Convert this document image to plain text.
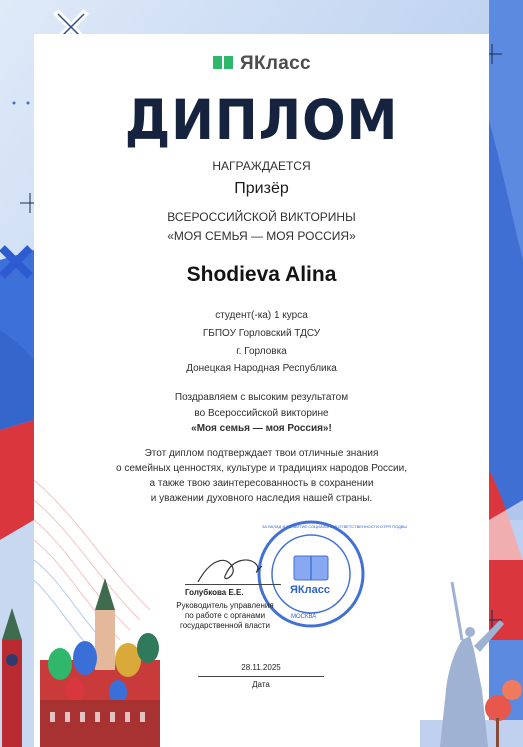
ЯКласс
ДИПЛОМ
НАГРАЖДАЕТСЯ
Призёр
ВСЕРОССИЙСКОЙ ВИКТОРИНЫ
«МОЯ СЕМЬЯ — МОЯ РОССИЯ»
Shodieva Alina
студент(-ка) 1 курса
ГБПОУ Горловский ТДСУ
г. Горловка
Донецкая Народная Республика
Поздравляем с высоким результатом
во Всероссийской викторине
«Моя семья — моя Россия»!
Этот диплом подтверждает твои отличные знания
о семейных ценностях, культуре и традициях народов России,
а также твою заинтересованность в сохранении
и уважении духовного наследия нашей страны.
ЯКласс
МОСКВА
ЗА ВКЛАД В РАЗВИТИЕ СОЦИАЛЬНОЙ ОТВЕТСТВЕННОСТИ ОТРЯ ПОДВЫ
Голубкова Е.Е.
Руководитель управления
по работе с органами
государственной власти
28.11.2025
Дата
